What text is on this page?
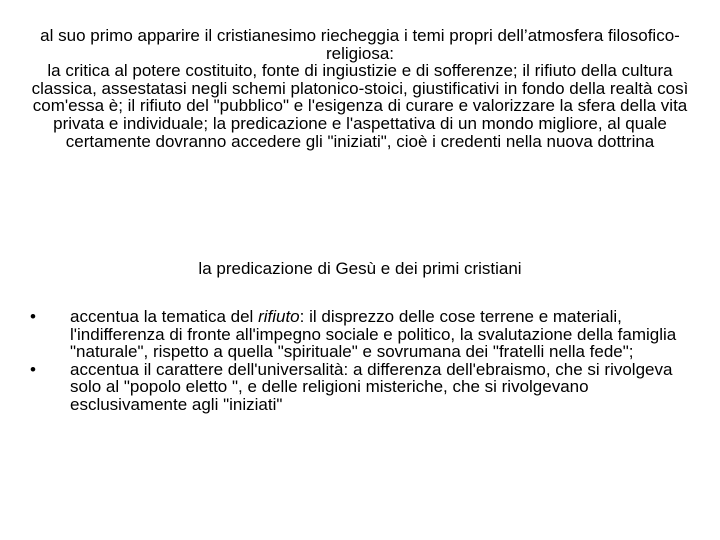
al suo primo apparire il cristianesimo riecheggia i temi propri dell’atmosfera filosofico-religiosa:

la critica al potere costituito, fonte di ingiustizie e di sofferenze; il rifiuto della cultura classica, assestatasi negli schemi platonico-stoici, giustificativi in fondo della realtà così com'essa è; il rifiuto del "pubblico" e l'esigenza di curare e valorizzare la sfera della vita privata e individuale; la predicazione e l'aspettativa di un mondo migliore, al quale certamente dovranno accedere gli "iniziati", cioè i credenti nella nuova dottrina

la predicazione di Gesù e dei primi cristiani

•	accentua la tematica del rifiuto: il disprezzo delle cose terrene e materiali, l'indifferenza di fronte all'impegno sociale e politico, la svalutazione della famiglia "naturale", rispetto a quella "spirituale" e sovrumana dei "fratelli nella fede";
•	accentua il carattere dell'universalità: a differenza dell'ebraismo, che si rivolgeva solo al "popolo eletto ", e delle religioni misteriche, che si rivolgevano esclusivamente agli "iniziati"
